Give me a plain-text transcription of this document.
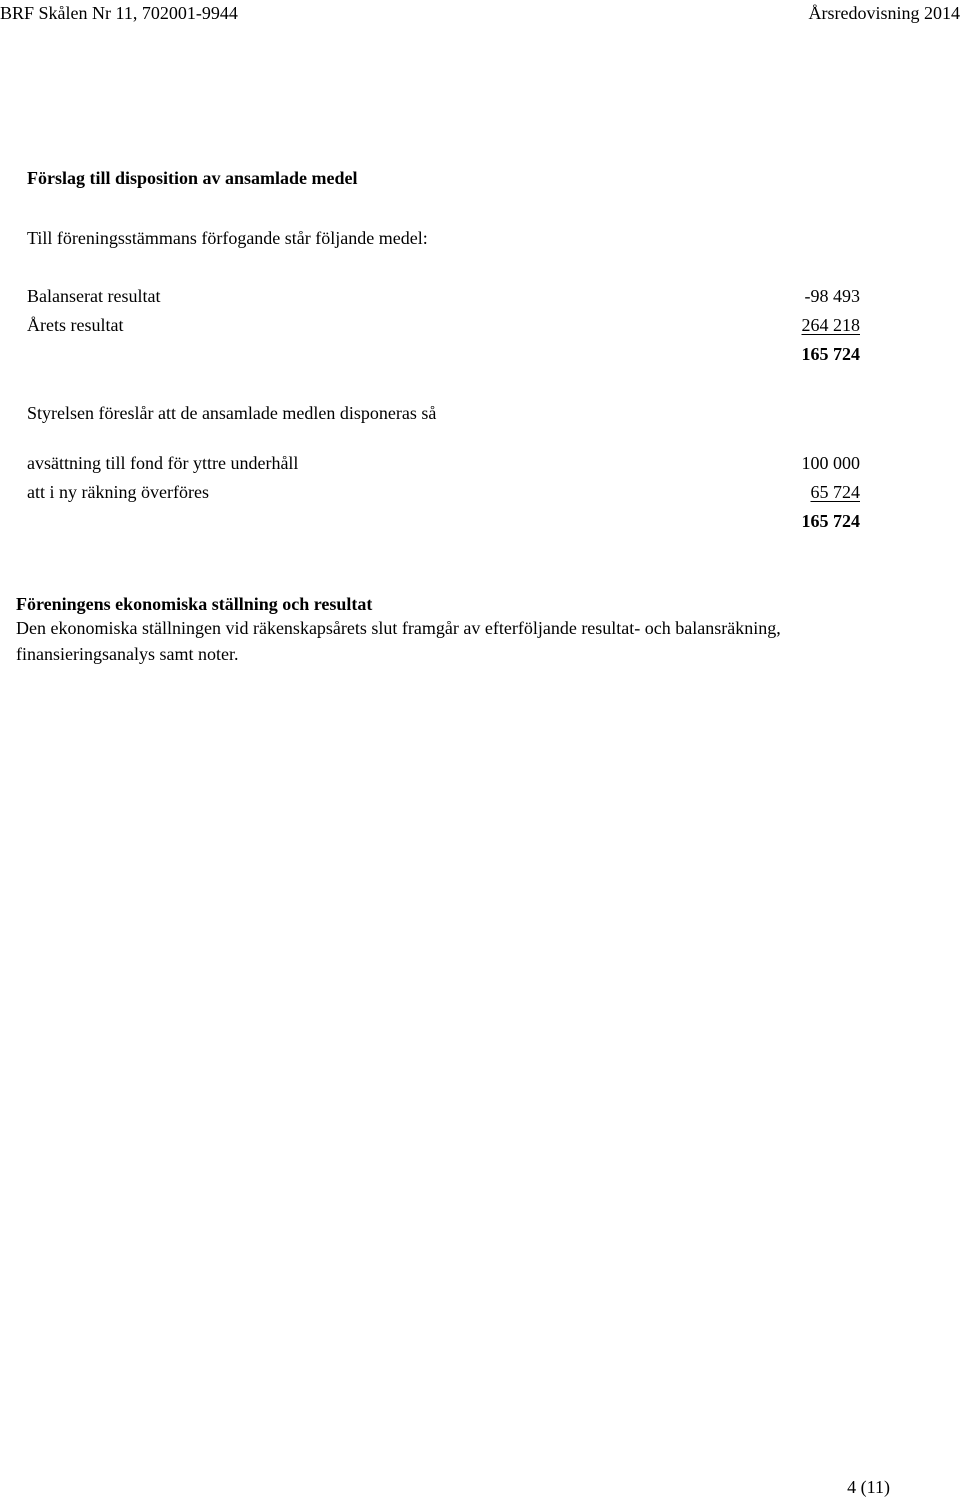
BRF Skålen Nr 11, 702001-9944	Årsredovisning 2014
Förslag till disposition av ansamlade medel
Till föreningsstämmans förfogande står följande medel:
Balanserat resultat	-98 493
Årets resultat	264 218
165 724
Styrelsen föreslår att de ansamlade medlen disponeras så
avsättning till fond för yttre underhåll	100 000
att i ny räkning överföres	65 724
165 724
Föreningens ekonomiska ställning och resultat
Den ekonomiska ställningen vid räkenskapsårets slut framgår av efterföljande resultat- och balansräkning,
finansieringsanalys samt noter.
4 (11)
